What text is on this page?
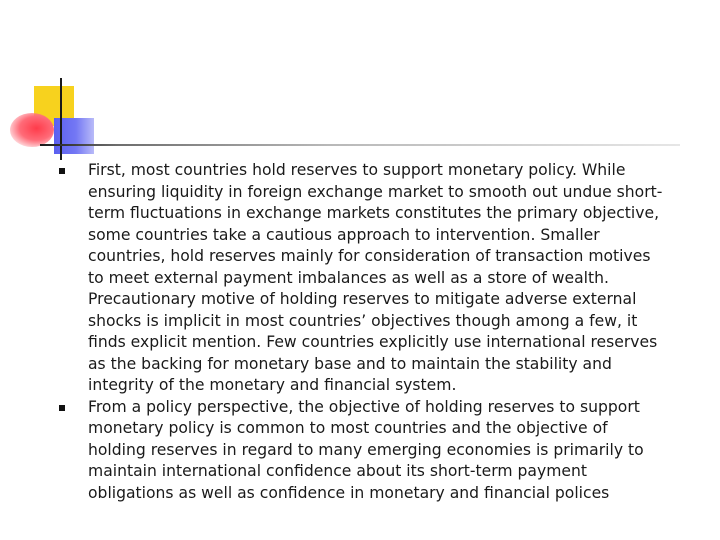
First, most countries hold reserves to support monetary policy. While ensuring liquidity in foreign exchange market to smooth out undue short-term fluctuations in exchange markets constitutes the primary objective, some countries take a cautious approach to intervention. Smaller countries, hold reserves mainly for consideration of transaction motives to meet external payment imbalances as well as a store of wealth. Precautionary motive of holding reserves to mitigate adverse external shocks is implicit in most countries’ objectives though among a few, it finds explicit mention. Few countries explicitly use international reserves as the backing for monetary base and to maintain the stability and integrity of the monetary and financial system.
From a policy perspective, the objective of holding reserves to support monetary policy is common to most countries and the objective of holding reserves in regard to many emerging economies is primarily to maintain international confidence about its short-term payment obligations as well as confidence in monetary and financial polices
